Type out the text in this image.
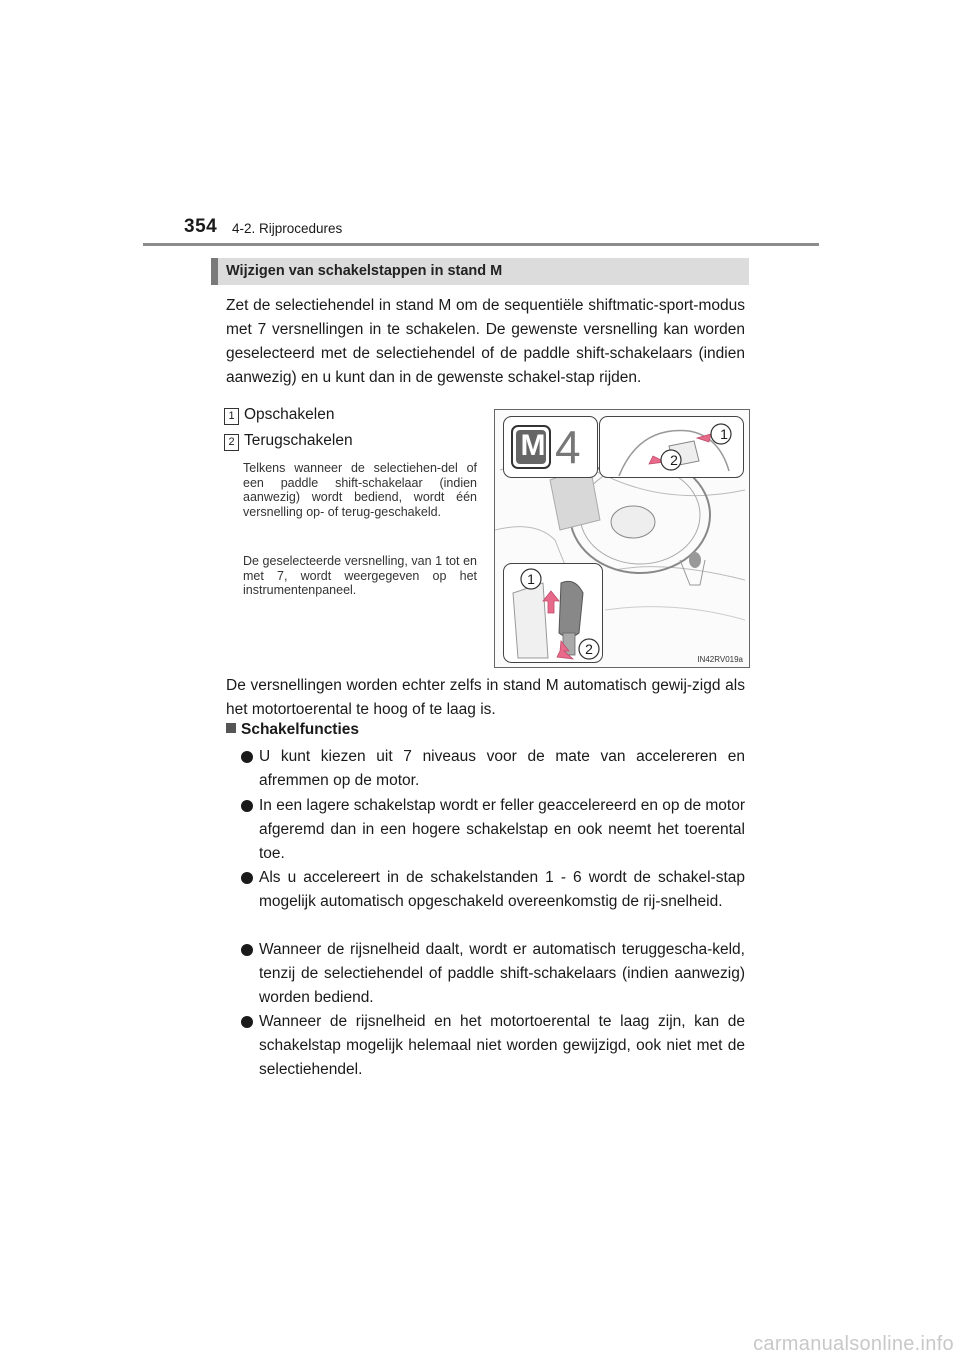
354 4-2. Rijprocedures
Wijzigen van schakelstappen in stand M
Zet de selectiehendel in stand M om de sequentiële shiftmatic-sport-modus met 7 versnellingen in te schakelen. De gewenste versnelling kan worden geselecteerd met de selectiehendel of de paddle shift-schakelaars (indien aanwezig) en u kunt dan in de gewenste schakel-stap rijden.
1 Opschakelen
2 Terugschakelen
Telkens wanneer de selectiehen-del of een paddle shift-schakelaar (indien aanwezig) wordt bediend, wordt één versnelling op- of terug-geschakeld.
De geselecteerde versnelling, van 1 tot en met 7, wordt weergegeven op het instrumentenpaneel.
M 4	1
2
1
2
IN42RV019a
De versnellingen worden echter zelfs in stand M automatisch gewij-zigd als het motortoerental te hoog of te laag is.
Schakelfuncties
U kunt kiezen uit 7 niveaus voor de mate van accelereren en afremmen op de motor.
In een lagere schakelstap wordt er feller geaccelereerd en op de motor afgeremd dan in een hogere schakelstap en ook neemt het toerental toe.
Als u accelereert in de schakelstanden 1 - 6 wordt de schakel-stap mogelijk automatisch opgeschakeld overeenkomstig de rij-snelheid.
Wanneer de rijsnelheid daalt, wordt er automatisch teruggescha-keld, tenzij de selectiehendel of paddle shift-schakelaars (indien aanwezig) worden bediend.
Wanneer de rijsnelheid en het motortoerental te laag zijn, kan de schakelstap mogelijk helemaal niet worden gewijzigd, ook niet met de selectiehendel.
carmanualsonline.info
